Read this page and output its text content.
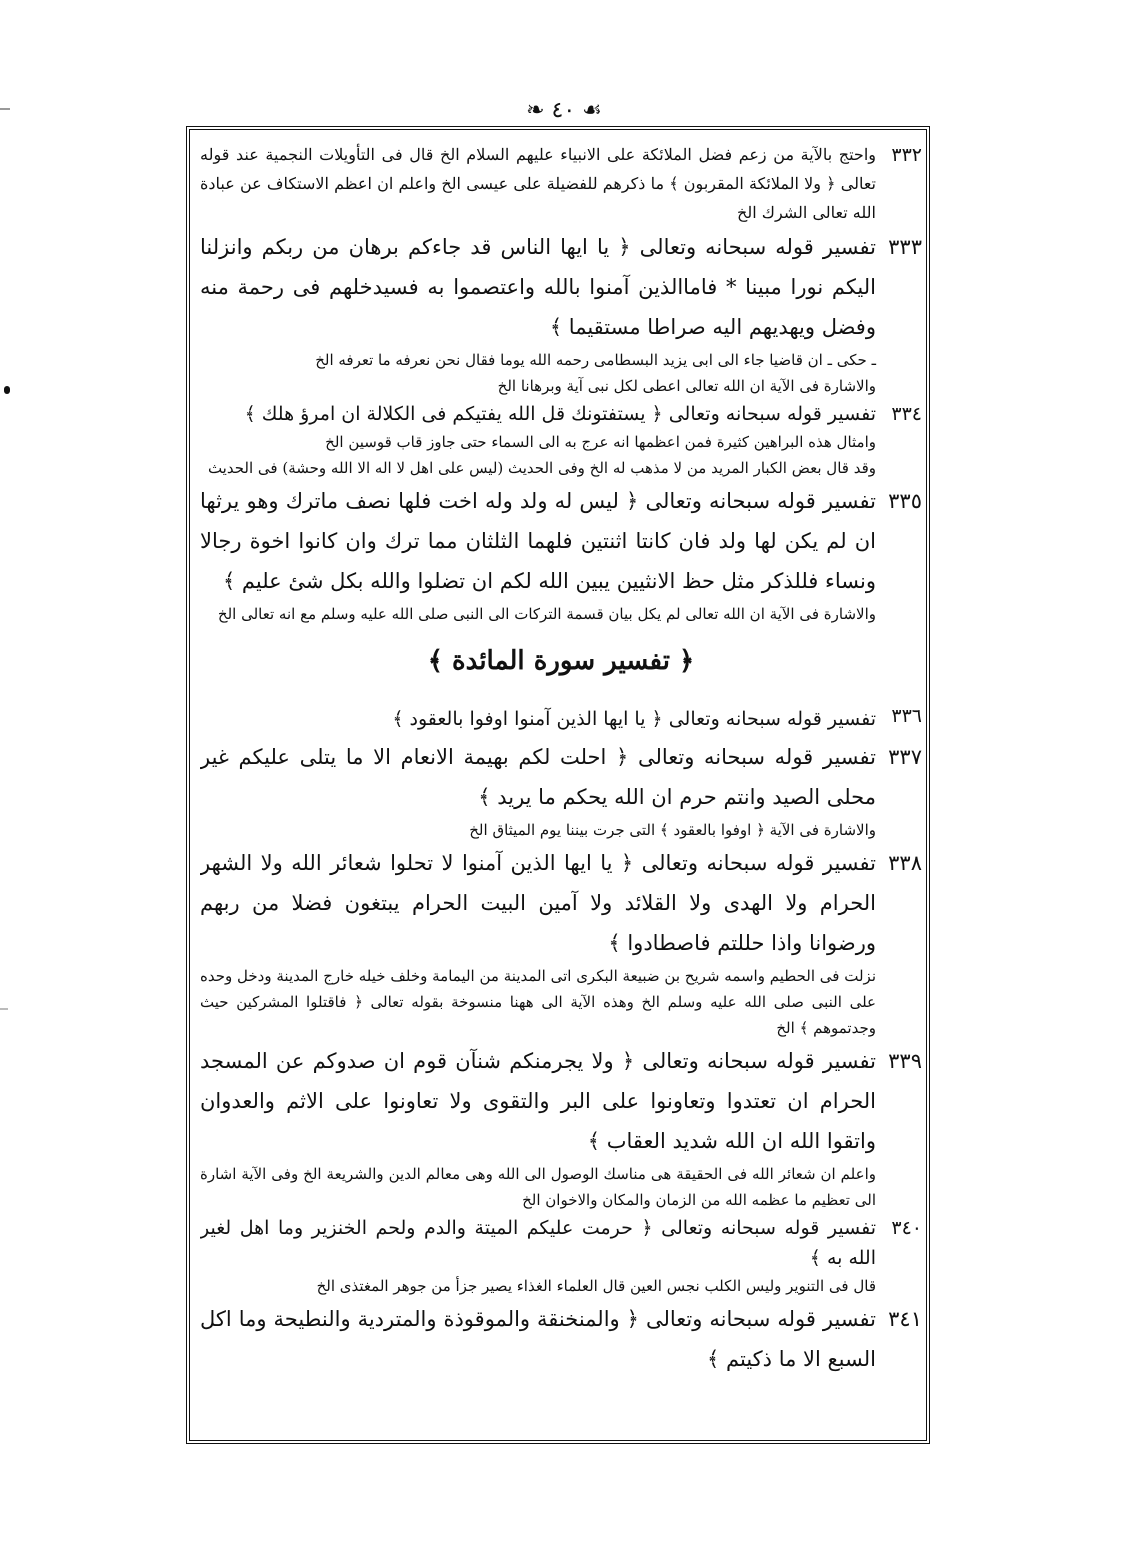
❧ ٤٠ ☙
٣٣٢
واحتج بالآية من زعم فضل الملائكة على الانبياء عليهم السلام الخ قال فى التأويلات النجمية عند قوله تعالى ﴿ ولا الملائكة المقربون ﴾ ما ذكرهم للفضيلة على عيسى الخ واعلم ان اعظم الاستكاف عن عبادة الله تعالى الشرك الخ
٣٣٣
تفسير قوله سبحانه وتعالى ﴿ يا ايها الناس قد جاءكم برهان من ربكم وانزلنا اليكم نورا مبينا * فاماالذين آمنوا بالله واعتصموا به فسيدخلهم فى رحمة منه وفضل ويهديهم اليه صراطا مستقيما ﴾

ـ حكى ـ ان قاضيا جاء الى ابى يزيد البسطامى رحمه الله يوما فقال نحن نعرفه ما تعرفه الخ

والاشارة فى الآية ان الله تعالى اعطى لكل نبى آية وبرهانا الخ

٣٣٤
تفسير قوله سبحانه وتعالى ﴿ يستفتونك قل الله يفتيكم فى الكلالة ان امرؤ هلك ﴾

وامثال هذه البراهين كثيرة فمن اعظمها انه عرج به الى السماء حتى جاوز قاب قوسين الخ

وقد قال بعض الكبار المريد من لا مذهب له الخ وفى الحديث (ليس على اهل لا اله الا الله وحشة) فى الحديث

٣٣٥
تفسير قوله سبحانه وتعالى ﴿ ليس له ولد وله اخت فلها نصف ماترك وهو يرثها ان لم يكن لها ولد فان كانتا اثنتين فلهما الثلثان مما ترك وان كانوا اخوة رجالا ونساء فللذكر مثل حظ الانثيين يبين الله لكم ان تضلوا والله بكل شئ عليم ﴾

والاشارة فى الآية ان الله تعالى لم يكل بيان قسمة التركات الى النبى صلى الله عليه وسلم مع انه تعالى الخ

﴿ تفسير سورة المائدة ﴾
٣٣٦
تفسير قوله سبحانه وتعالى ﴿ يا ايها الذين آمنوا اوفوا بالعقود ﴾
٣٣٧
تفسير قوله سبحانه وتعالى ﴿ احلت لكم بهيمة الانعام الا ما يتلى عليكم غير محلى الصيد وانتم حرم ان الله يحكم ما يريد ﴾

والاشارة فى الآية ﴿ اوفوا بالعقود ﴾ التى جرت بيننا يوم الميثاق الخ

٣٣٨
تفسير قوله سبحانه وتعالى ﴿ يا ايها الذين آمنوا لا تحلوا شعائر الله ولا الشهر الحرام ولا الهدى ولا القلائد ولا آمين البيت الحرام يبتغون فضلا من ربهم ورضوانا واذا حللتم فاصطادوا ﴾

نزلت فى الحطيم واسمه شريح بن ضبيعة البكرى اتى المدينة من اليمامة وخلف خيله خارج المدينة ودخل وحده على النبى صلى الله عليه وسلم الخ وهذه الآية الى ههنا منسوخة بقوله تعالى ﴿ فاقتلوا المشركين حيث وجدتموهم ﴾ الخ

٣٣٩
تفسير قوله سبحانه وتعالى ﴿ ولا يجرمنكم شنآن قوم ان صدوكم عن المسجد الحرام ان تعتدوا وتعاونوا على البر والتقوى ولا تعاونوا على الاثم والعدوان واتقوا الله ان الله شديد العقاب ﴾

واعلم ان شعائر الله فى الحقيقة هى مناسك الوصول الى الله وهى معالم الدين والشريعة الخ وفى الآية اشارة الى تعظيم ما عظمه الله من الزمان والمكان والاخوان الخ

٣٤٠
تفسير قوله سبحانه وتعالى ﴿ حرمت عليكم الميتة والدم ولحم الخنزير وما اهل لغير الله به ﴾

قال فى التنوير وليس الكلب نجس العين قال العلماء الغذاء يصير جزأ من جوهر المغتذى الخ

٣٤١
تفسير قوله سبحانه وتعالى ﴿ والمنخنقة والموقوذة والمتردية والنطيحة وما اكل السبع الا ما ذكيتم ﴾
